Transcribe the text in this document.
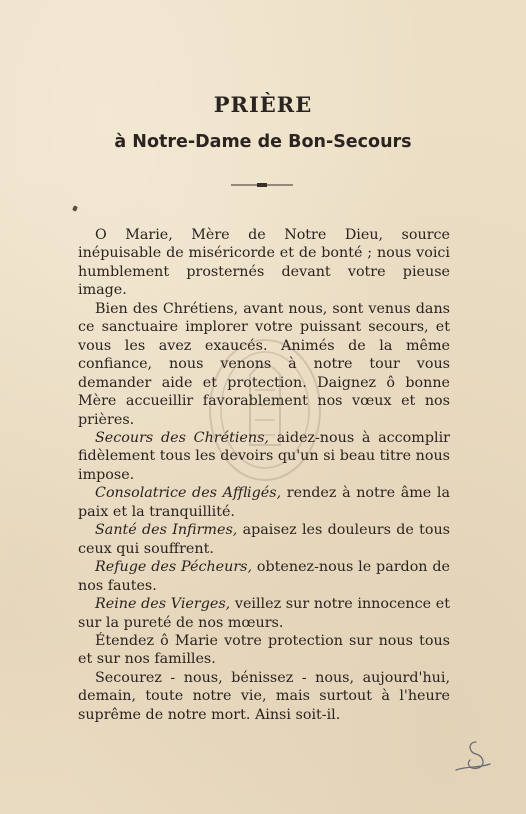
PRIÈRE
à Notre-Dame de Bon-Secours

O Marie, Mère de Notre Dieu, source inépuisable de miséricorde et de bonté ; nous voici humblement prosternés devant votre pieuse image.

Bien des Chrétiens, avant nous, sont venus dans ce sanctuaire implorer votre puissant secours, et vous les avez exaucés. Animés de la même confiance, nous venons à notre tour vous demander aide et protection. Daignez ô bonne Mère accueillir favorablement nos vœux et nos prières.

Secours des Chrétiens, aidez-nous à accomplir fidèlement tous les devoirs qu'un si beau titre nous impose.

Consolatrice des Affligés, rendez à notre âme la paix et la tranquillité.

Santé des Infirmes, apaisez les douleurs de tous ceux qui souffrent.

Refuge des Pécheurs, obtenez-nous le pardon de nos fautes.

Reine des Vierges, veillez sur notre innocence et sur la pureté de nos mœurs.

Étendez ô Marie votre protection sur nous tous et sur nos familles.

Secourez - nous, bénissez - nous, aujourd'hui, demain, toute notre vie, mais surtout à l'heure suprême de notre mort. Ainsi soit-il.
